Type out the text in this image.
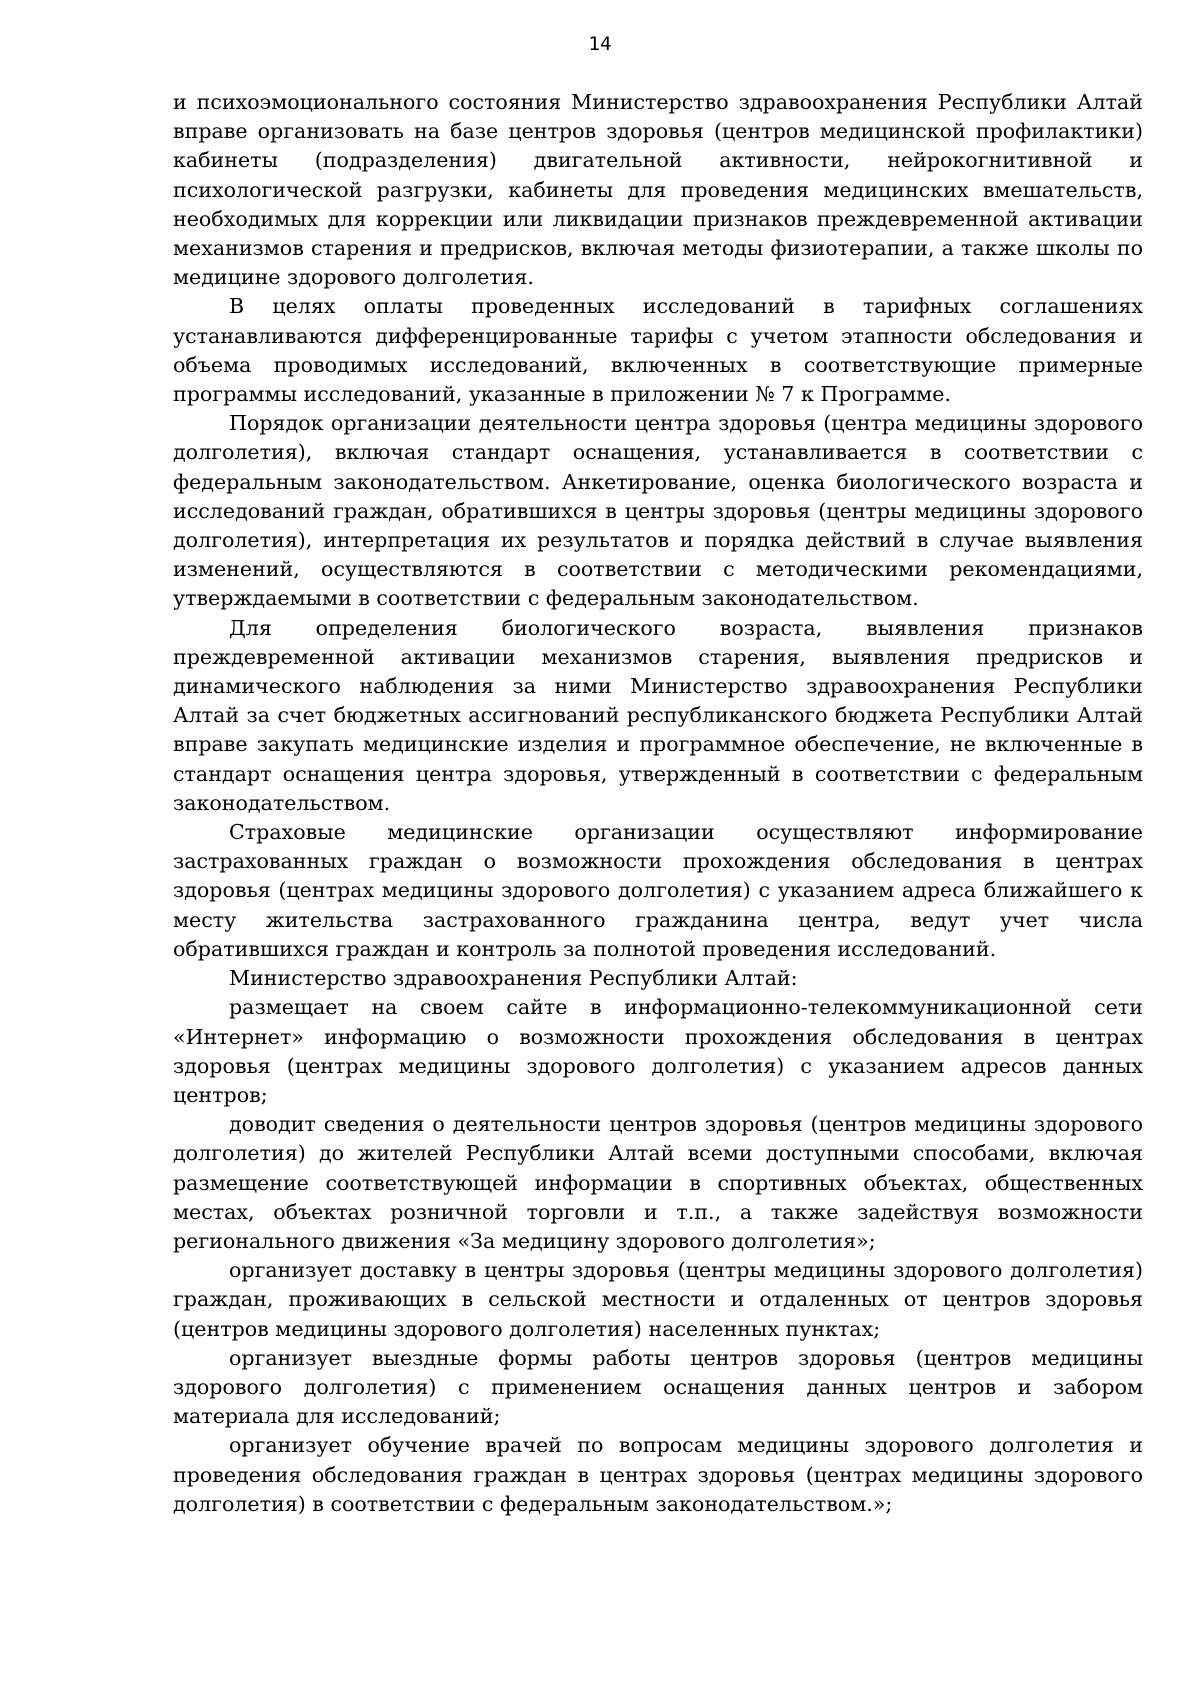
14

и психоэмоционального состояния Министерство здравоохранения Республики Алтай вправе организовать на базе центров здоровья (центров медицинской профилактики) кабинеты (подразделения) двигательной активности, нейрокогнитивной и психологической разгрузки, кабинеты для проведения медицинских вмешательств, необходимых для коррекции или ликвидации признаков преждевременной активации механизмов старения и предрисков, включая методы физиотерапии, а также школы по медицине здорового долголетия.

В целях оплаты проведенных исследований в тарифных соглашениях устанавливаются дифференцированные тарифы с учетом этапности обследования и объема проводимых исследований, включенных в соответствующие примерные программы исследований, указанные в приложении № 7 к Программе.

Порядок организации деятельности центра здоровья (центра медицины здорового долголетия), включая стандарт оснащения, устанавливается в соответствии с федеральным законодательством. Анкетирование, оценка биологического возраста и исследований граждан, обратившихся в центры здоровья (центры медицины здорового долголетия), интерпретация их результатов и порядка действий в случае выявления изменений, осуществляются в соответствии с методическими рекомендациями, утверждаемыми в соответствии с федеральным законодательством.

Для определения биологического возраста, выявления признаков преждевременной активации механизмов старения, выявления предрисков и динамического наблюдения за ними Министерство здравоохранения Республики Алтай за счет бюджетных ассигнований республиканского бюджета Республики Алтай вправе закупать медицинские изделия и программное обеспечение, не включенные в стандарт оснащения центра здоровья, утвержденный в соответствии с федеральным законодательством.

Страховые медицинские организации осуществляют информирование застрахованных граждан о возможности прохождения обследования в центрах здоровья (центрах медицины здорового долголетия) с указанием адреса ближайшего к месту жительства застрахованного гражданина центра, ведут учет числа обратившихся граждан и контроль за полнотой проведения исследований.

Министерство здравоохранения Республики Алтай:

размещает на своем сайте в информационно-телекоммуникационной сети «Интернет» информацию о возможности прохождения обследования в центрах здоровья (центрах медицины здорового долголетия) с указанием адресов данных центров;

доводит сведения о деятельности центров здоровья (центров медицины здорового долголетия) до жителей Республики Алтай всеми доступными способами, включая размещение соответствующей информации в спортивных объектах, общественных местах, объектах розничной торговли и т.п., а также задействуя возможности регионального движения «За медицину здорового долголетия»;

организует доставку в центры здоровья (центры медицины здорового долголетия) граждан, проживающих в сельской местности и отдаленных от центров здоровья (центров медицины здорового долголетия) населенных пунктах;

организует выездные формы работы центров здоровья (центров медицины здорового долголетия) с применением оснащения данных центров и забором материала для исследований;

организует обучение врачей по вопросам медицины здорового долголетия и проведения обследования граждан в центрах здоровья (центрах медицины здорового долголетия) в соответствии с федеральным законодательством.»;
